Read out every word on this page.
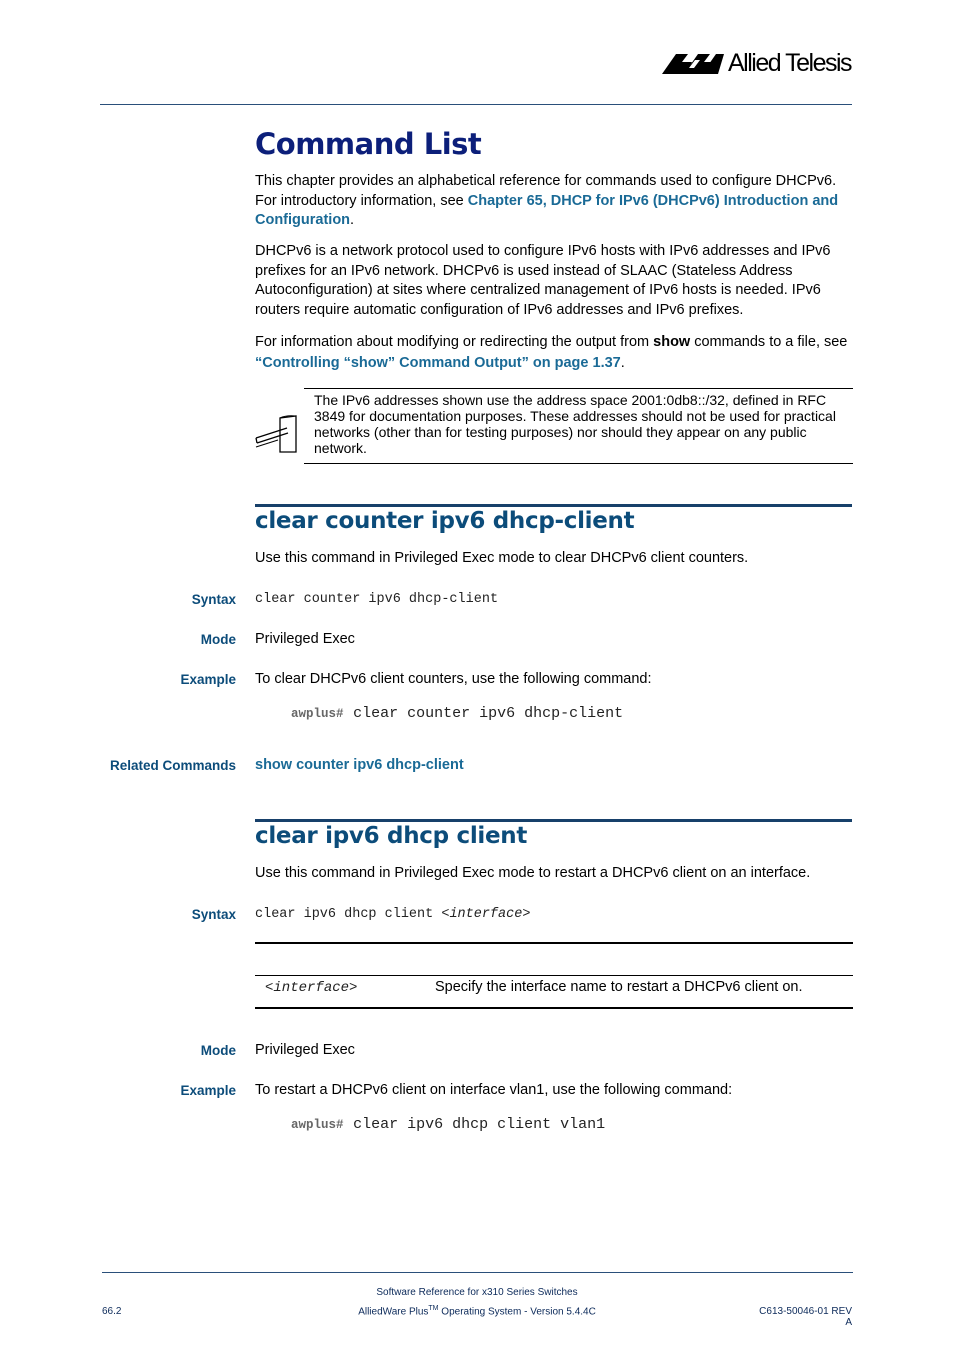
Allied Telesis
Command List
This chapter provides an alphabetical reference for commands used to configure DHCPv6. For introductory information, see Chapter 65, DHCP for IPv6 (DHCPv6) Introduction and Configuration.
DHCPv6 is a network protocol used to configure IPv6 hosts with IPv6 addresses and IPv6 prefixes for an IPv6 network. DHCPv6 is used instead of SLAAC (Stateless Address Autoconfiguration) at sites where centralized management of IPv6 hosts is needed. IPv6 routers require automatic configuration of IPv6 addresses and IPv6 prefixes.
For information about modifying or redirecting the output from show commands to a file, see “Controlling “show” Command Output” on page 1.37.
The IPv6 addresses shown use the address space 2001:0db8::/32, defined in RFC 3849 for documentation purposes. These addresses should not be used for practical networks (other than for testing purposes) nor should they appear on any public network.
clear counter ipv6 dhcp-client
Use this command in Privileged Exec mode to clear DHCPv6 client counters.
Syntax clear counter ipv6 dhcp-client
Mode Privileged Exec
Example To clear DHCPv6 client counters, use the following command:
awplus# clear counter ipv6 dhcp-client
Related Commands show counter ipv6 dhcp-client
clear ipv6 dhcp client
Use this command in Privileged Exec mode to restart a DHCPv6 client on an interface.
Syntax clear ipv6 dhcp client <interface>
<interface>	Specify the interface name to restart a DHCPv6 client on.
Mode Privileged Exec
Example To restart a DHCPv6 client on interface vlan1, use the following command:
awplus# clear ipv6 dhcp client vlan1
Software Reference for x310 Series Switches
AlliedWare Plus™ Operating System - Version 5.4.4C
66.2	C613-50046-01 REV A
